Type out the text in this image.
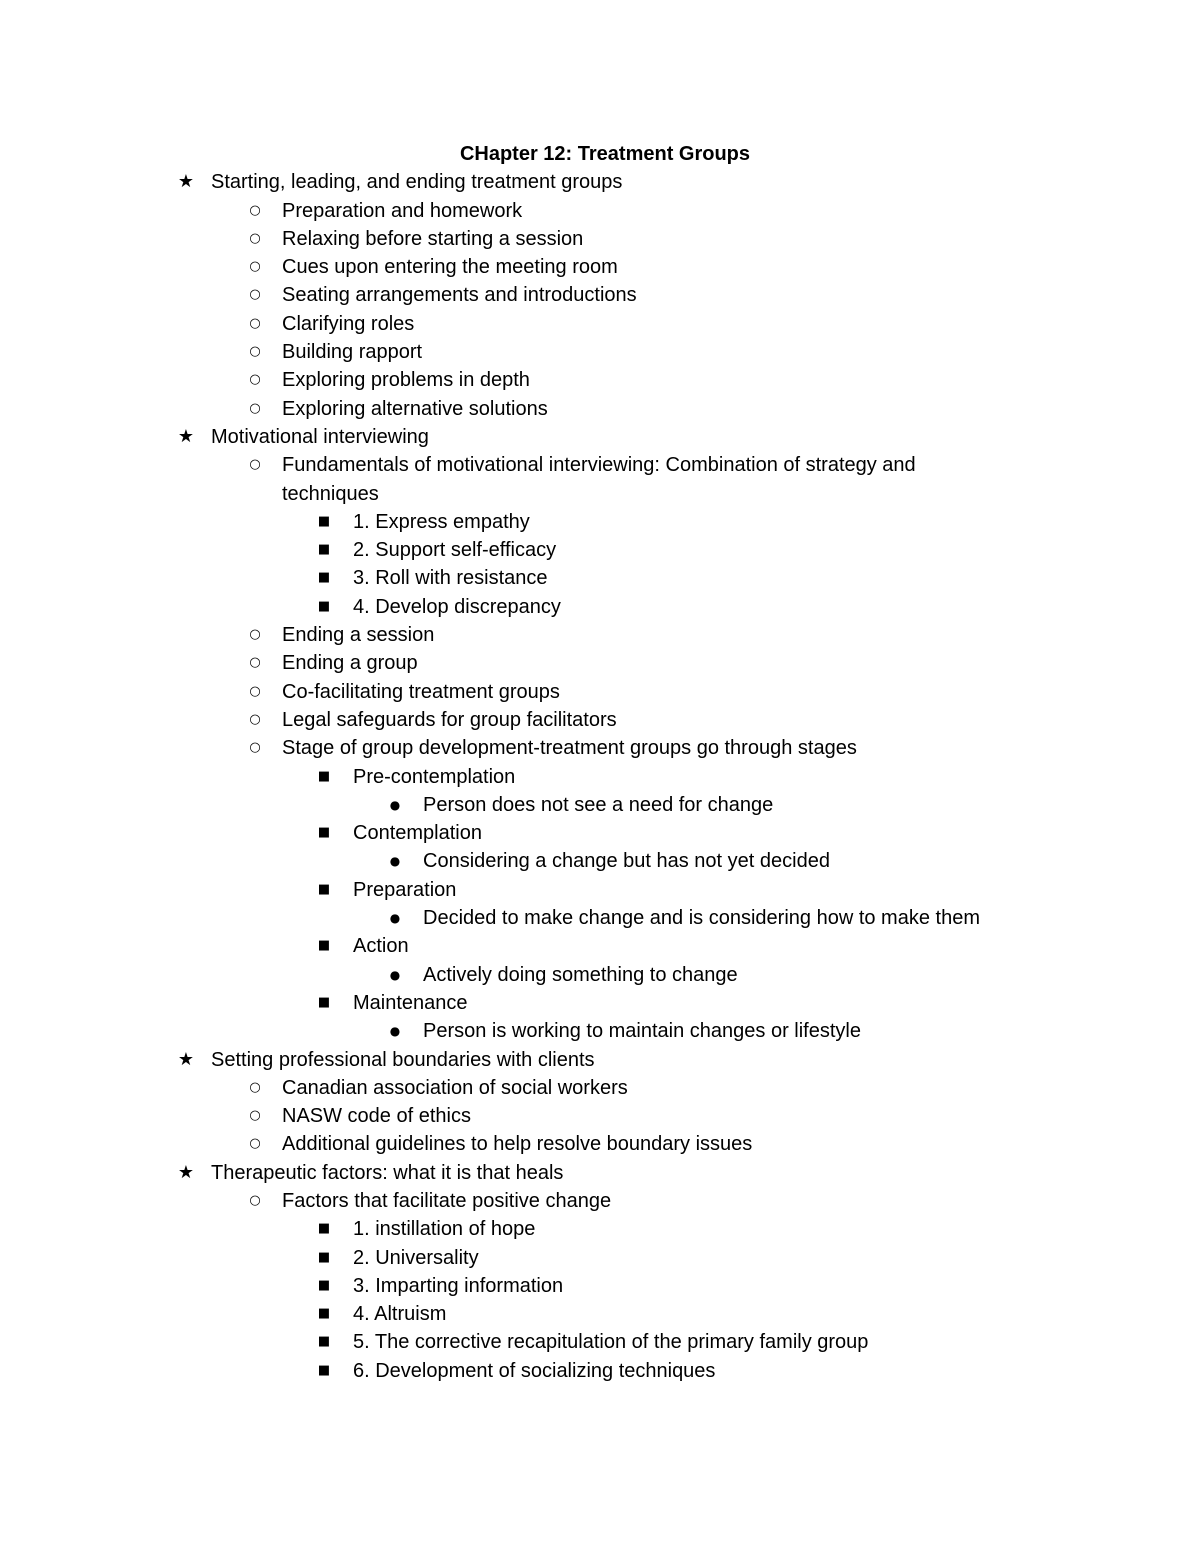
CHapter 12: Treatment Groups
★ Starting, leading, and ending treatment groups
○	Preparation and homework
○	Relaxing before starting a session
○	Cues upon entering the meeting room
○	Seating arrangements and introductions
○	Clarifying roles
○	Building rapport
○	Exploring problems in depth
○	Exploring alternative solutions
★ Motivational interviewing
○	Fundamentals of motivational interviewing: Combination of strategy and techniques
■ 1. Express empathy
■ 2. Support self-efficacy
■ 3. Roll with resistance
■ 4. Develop discrepancy
○	Ending a session
○	Ending a group
○	Co-facilitating treatment groups
○	Legal safeguards for group facilitators
○	Stage of group development-treatment groups go through stages
■ Pre-contemplation
●	Person does not see a need for change
■ Contemplation
●	Considering a change but has not yet decided
■ Preparation
●	Decided to make change and is considering how to make them
■ Action
●	Actively doing something to change
■ Maintenance
●	Person is working to maintain changes or lifestyle
★ Setting professional boundaries with clients
○	Canadian association of social workers
○	NASW code of ethics
○	Additional guidelines to help resolve boundary issues
★ Therapeutic factors: what it is that heals
○	Factors that facilitate positive change
■ 1. instillation of hope
■ 2. Universality
■ 3. Imparting information
■ 4. Altruism
■ 5. The corrective recapitulation of the primary family group
■ 6. Development of socializing techniques
